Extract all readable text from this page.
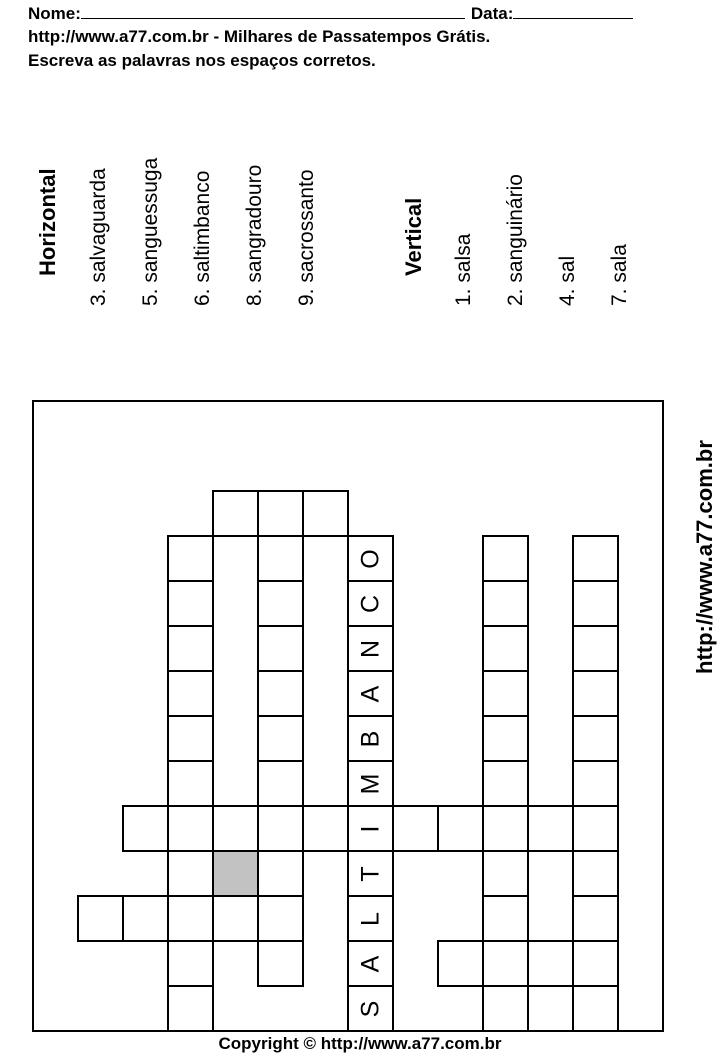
Nome:	Data:
http://www.a77.com.br - Milhares de Passatempos Grátis.
Escreva as palavras nos espaços corretos.
Horizontal 3. salvaguarda 5. sanguessuga 6. saltimbanco 8. sangradouro 9. sacrossanto	Vertical 1. salsa 2. sanguinário 4. sal 7. sala
http://www.a77.com.br
O
C
N
A
B
M
I
T
L
A
S
Copyright © http://www.a77.com.br
